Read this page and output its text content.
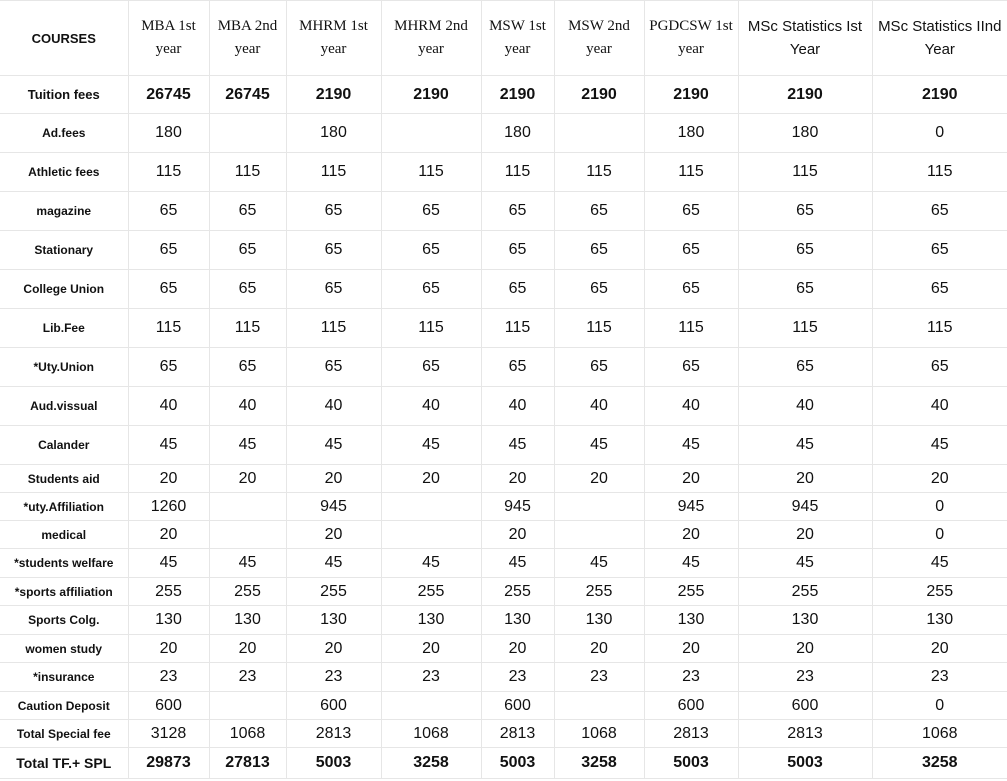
COURSES	MBA 1st year	MBA 2nd year	MHRM 1st year	MHRM 2nd year	MSW 1st year	MSW 2nd year	PGDCSW 1st year	MSc Statistics Ist Year	MSc Statistics IInd Year
Tuition fees	26745	26745	2190	2190	2190	2190	2190	2190	2190
Ad.fees	180		180		180		180	180	0
Athletic fees	115	115	115	115	115	115	115	115	115
magazine	65	65	65	65	65	65	65	65	65
Stationary	65	65	65	65	65	65	65	65	65
College Union	65	65	65	65	65	65	65	65	65
Lib.Fee	115	115	115	115	115	115	115	115	115
*Uty.Union	65	65	65	65	65	65	65	65	65
Aud.vissual	40	40	40	40	40	40	40	40	40
Calander	45	45	45	45	45	45	45	45	45
Students aid	20	20	20	20	20	20	20	20	20
*uty.Affiliation	1260		945		945		945	945	0
medical	20		20		20		20	20	0
*students welfare	45	45	45	45	45	45	45	45	45
*sports affiliation	255	255	255	255	255	255	255	255	255
Sports Colg.	130	130	130	130	130	130	130	130	130
women study	20	20	20	20	20	20	20	20	20
*insurance	23	23	23	23	23	23	23	23	23
Caution Deposit	600		600		600		600	600	0
Total Special fee	3128	1068	2813	1068	2813	1068	2813	2813	1068
Total TF.+ SPL	29873	27813	5003	3258	5003	3258	5003	5003	3258
